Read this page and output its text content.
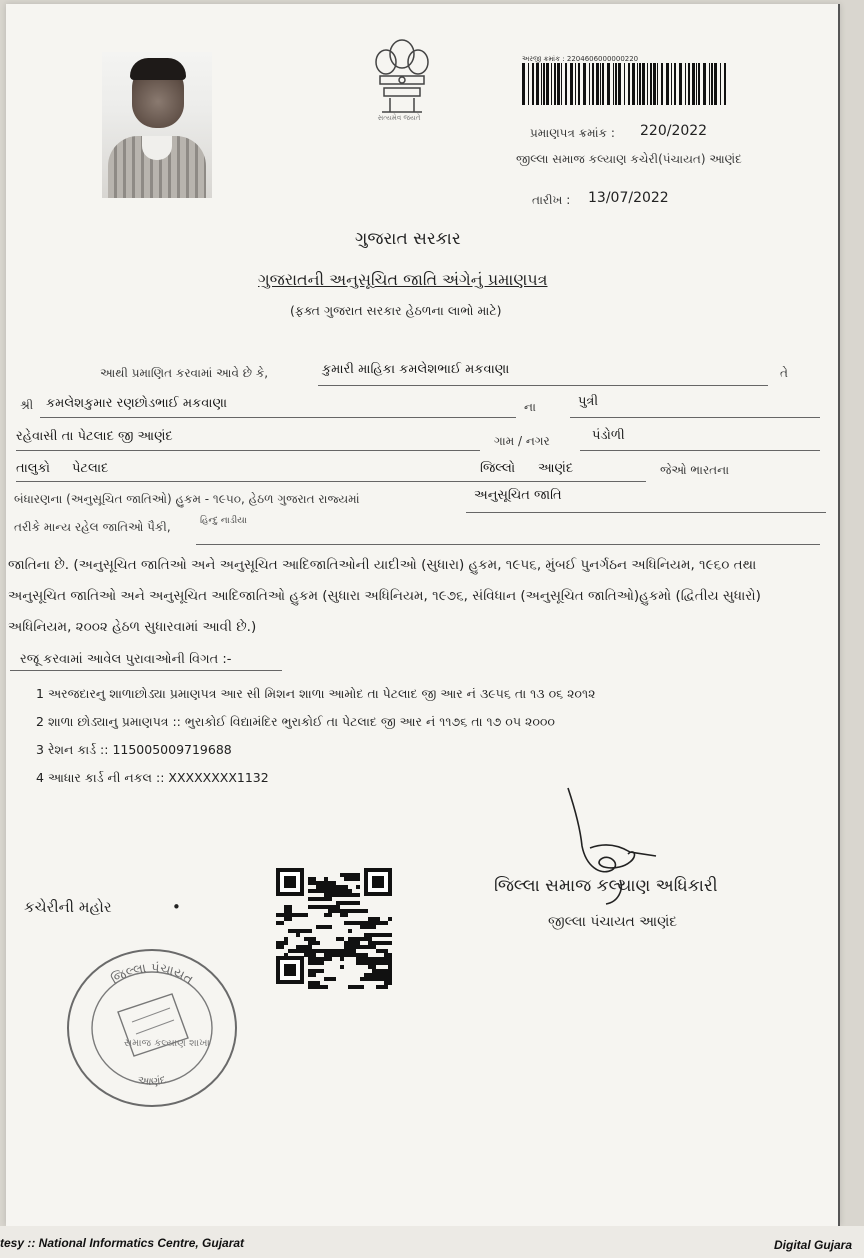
સત્યમેવ જયતે
અરજી ક્રમાંક : 2204606000000220
પ્રમાણપત્ર ક્રમાંક : 220/2022
જીલ્લા સમાજ કલ્યાણ કચેરી(પંચાયત) આણંદ
તારીખ : 13/07/2022
ગુજરાત સરકાર
ગુજરાતની અનુસૂચિત જાતિ અંગેનું પ્રમાણપત્ર
(ફક્ત ગુજરાત સરકાર હેઠળના લાભો માટે)
આથી પ્રમાણિત કરવામાં આવે છે કે,	કુમારી માહિકા કમલેશભાઈ મકવાણા	તે
શ્રી કમલેશકુમાર રણછોડભાઈ મકવાણા	ના	પુત્રી
રહેવાસી તા પેટલાદ જી આણંદ	ગામ / નગર	પંડોળી
તાલુકો પેટલાદ	જિલ્લો આણંદ	જેઓ ભારતના
બંધારણના (અનુસૂચિત જાતિઓ) હુકમ - ૧૯૫૦, હેઠળ ગુજરાત રાજ્યમાં	અનુસૂચિત જાતિ
તરીકે માન્ય રહેલ જાતિઓ પૈકી,	હિન્દુ નાડીયા
જાતિના છે. (અનુસૂચિત જાતિઓ અને અનુસૂચિત આદિજાતિઓની યાદીઓ (સુધારા) હુકમ, ૧૯૫૬, મુંબઈ પુનર્ગઠન અધિનિયમ, ૧૯૬૦ તથા
અનુસૂચિત જાતિઓ અને અનુસૂચિત આદિજાતિઓ હુકમ (સુધારા અધિનિયમ, ૧૯૭૬, સંવિધાન (અનુસૂચિત જાતિઓ)હુકમો (દ્વિતીય સુધારો)
અધિનિયમ, ૨૦૦૨ હેઠળ સુધારવામાં આવી છે.)
રજૂ કરવામાં આવેલ પુરાવાઓની વિગત :-
1 અરજદારનુ શાળાછોડ્યા પ્રમાણપત્ર આર સી મિશન શાળા આમોદ તા પેટલાદ જી આર નં ૩૯૫૬ તા ૧૩ ૦૬ ૨૦૧૨
2 શાળા છોડ્યાનુ પ્રમાણપત્ર :: ભુરાકોઈ વિદ્યામંદિર ભુરાકોઈ તા પેટલાદ જી આર નં ૧૧૭૬ તા ૧૭ ૦૫ ૨૦૦૦
3 રેશન કાર્ડ :: 115005009719688
4 આધાર કાર્ડ ની નકલ :: XXXXXXXX1132
કચેરીની મહોર	•
જિલ્લા સમાજ કલ્યાણ અધિકારી
જીલ્લા પંચાયત આણંદ
જિલ્લા પંચાયત
આણંદ
સમાજ કલ્યાણ શાખા
tesy :: National Informatics Centre, Gujarat	Digital Gujara
